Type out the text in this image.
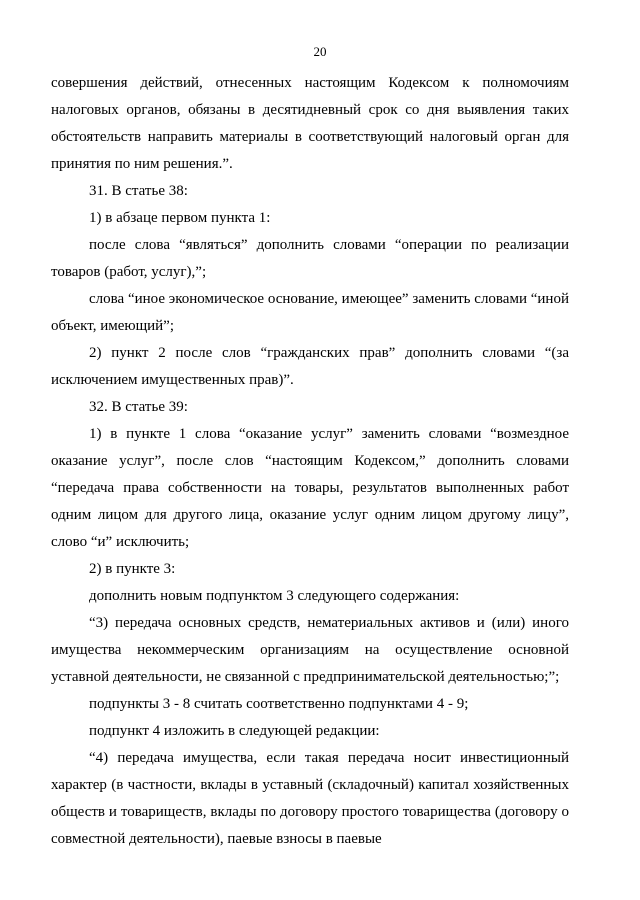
20

совершения действий, отнесенных настоящим Кодексом к полномочиям налоговых органов, обязаны в десятидневный срок со дня выявления таких обстоятельств направить материалы в соответствующий налоговый орган для принятия по ним решения.”.

31. В статье 38:

1) в абзаце первом пункта 1:

после слова “являться” дополнить словами “операции по реализации товаров (работ, услуг),”;

слова “иное экономическое основание, имеющее” заменить словами “иной объект, имеющий”;

2) пункт 2 после слов “гражданских прав” дополнить словами “(за исключением имущественных прав)”.

32. В статье 39:

1) в пункте 1 слова “оказание услуг” заменить словами “возмездное оказание услуг”, после слов “настоящим Кодексом,” дополнить словами “передача права собственности на товары, результатов выполненных работ одним лицом для другого лица, оказание услуг одним лицом другому лицу”, слово “и” исключить;

2) в пункте 3:

дополнить новым подпунктом 3 следующего содержания:

“3) передача основных средств, нематериальных активов и (или) иного имущества некоммерческим организациям на осуществление основной уставной деятельности, не связанной с предпринимательской деятельностью;”;

подпункты 3 - 8 считать соответственно подпунктами 4 - 9;

подпункт 4 изложить в следующей редакции:

“4) передача имущества, если такая передача носит инвестиционный характер (в частности, вклады в уставный (складочный) капитал хозяйственных обществ и товариществ, вклады по договору простого товарищества (договору о совместной деятельности), паевые взносы в паевые
